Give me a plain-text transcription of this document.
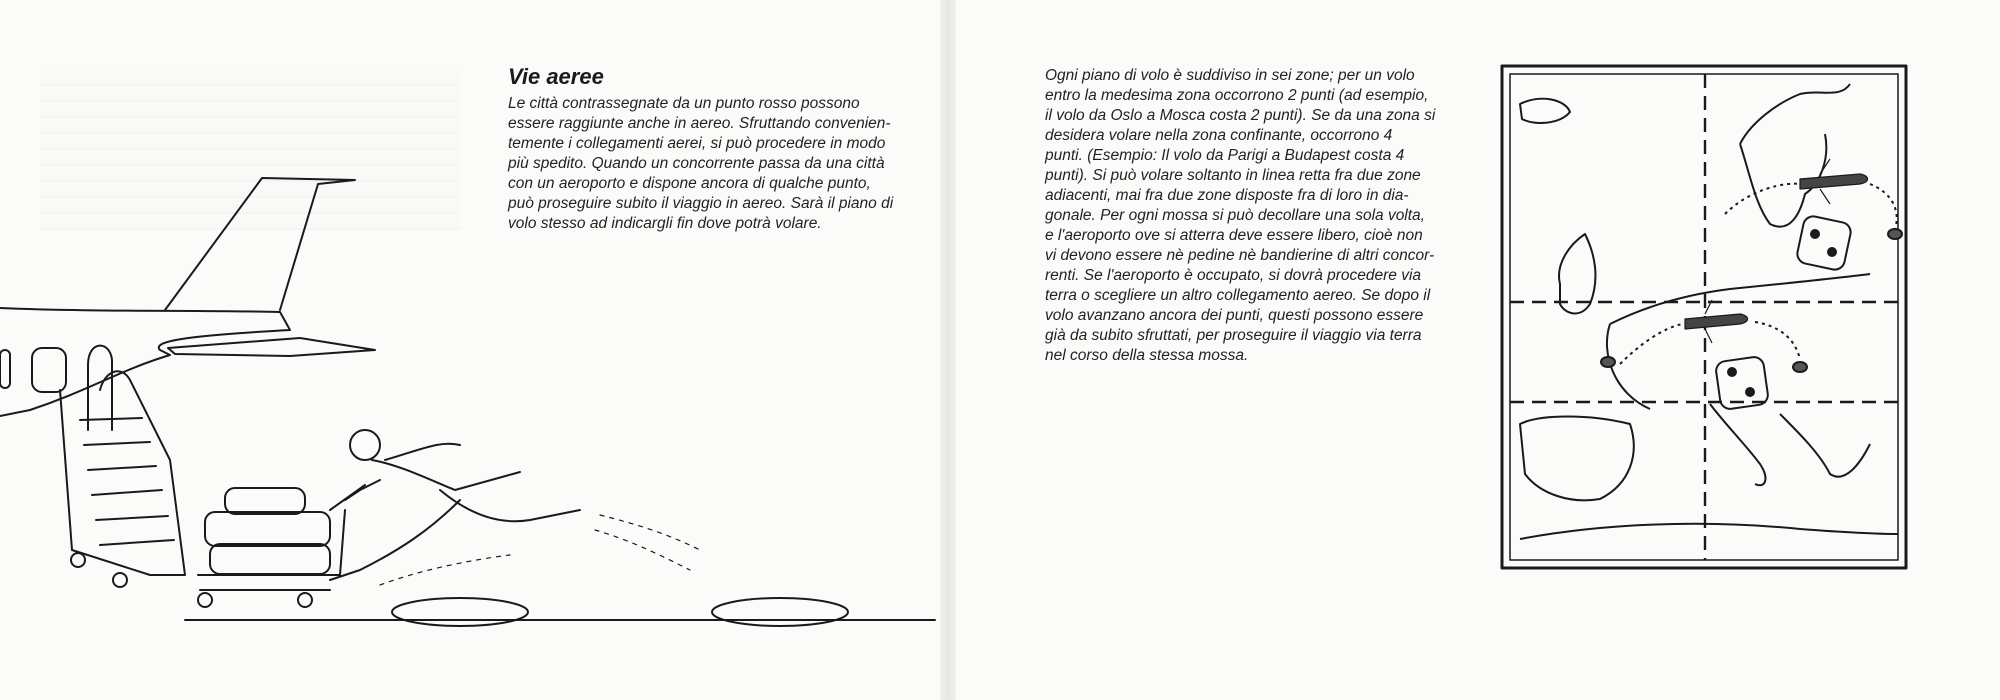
Vie aeree
Le città contrassegnate da un punto rosso possono
essere raggiunte anche in aereo. Sfruttando convenien-
temente i collegamenti aerei, si può procedere in modo
più spedito. Quando un concorrente passa da una città
con un aeroporto e dispone ancora di qualche punto,
può proseguire subito il viaggio in aereo. Sarà il piano di
volo stesso ad indicargli fin dove potrà volare.
Ogni piano di volo è suddiviso in sei zone; per un volo
entro la medesima zona occorrono 2 punti (ad esempio,
il volo da Oslo a Mosca costa 2 punti). Se da una zona si
desidera volare nella zona confinante, occorrono 4
punti. (Esempio: Il volo da Parigi a Budapest costa 4
punti). Si può volare soltanto in linea retta fra due zone
adiacenti, mai fra due zone disposte fra di loro in dia-
gonale. Per ogni mossa si può decollare una sola volta,
e l'aeroporto ove si atterra deve essere libero, cioè non
vi devono essere nè pedine nè bandierine di altri concor-
renti. Se l'aeroporto è occupato, si dovrà procedere via
terra o scegliere un altro collegamento aereo. Se dopo il
volo avanzano ancora dei punti, questi possono essere
già da subito sfruttati, per proseguire il viaggio via terra
nel corso della stessa mossa.
